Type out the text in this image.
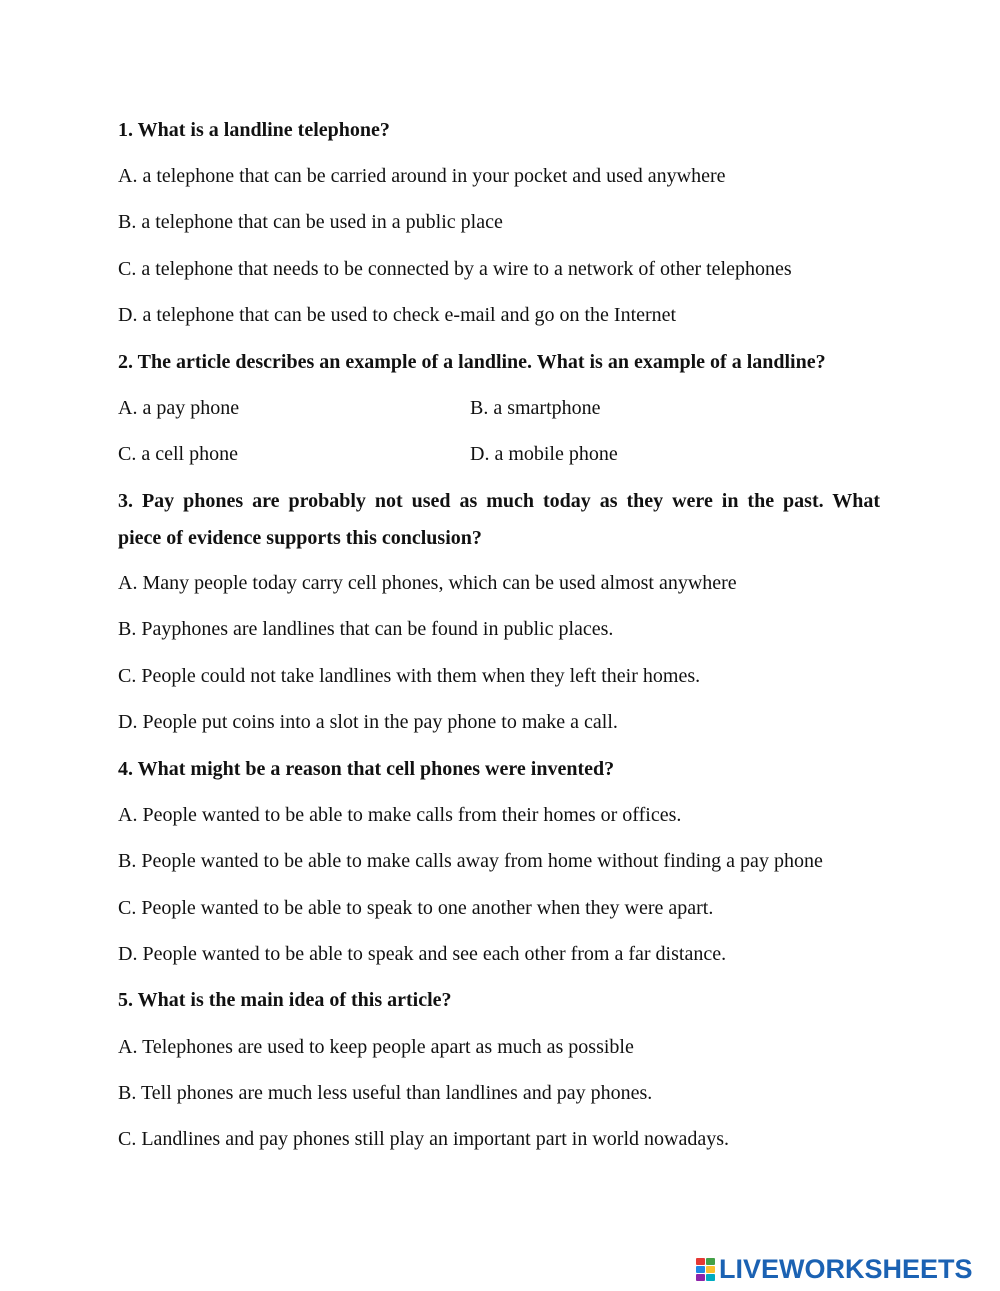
1. What is a landline telephone?
A. a telephone that can be carried around in your pocket and used anywhere
B. a telephone that can be used in a public place
C. a telephone that needs to be connected by a wire to a network of other telephones
D. a telephone that can be used to check e-mail and go on the Internet
2. The article describes an example of a landline. What is an example of a landline?
A. a pay phone	B. a smartphone
C. a cell phone	D. a mobile phone
3. Pay phones are probably not used as much today as they were in the past. What
piece of evidence supports this conclusion?
A. Many people today carry cell phones, which can be used almost anywhere
B. Payphones are landlines that can be found in public places.
C. People could not take landlines with them when they left their homes.
D. People put coins into a slot in the pay phone to make a call.
4. What might be a reason that cell phones were invented?
A. People wanted to be able to make calls from their homes or offices.
B. People wanted to be able to make calls away from home without finding a pay phone
C. People wanted to be able to speak to one another when they were apart.
D. People wanted to be able to speak and see each other from a far distance.
5. What is the main idea of this article?
A. Telephones are used to keep people apart as much as possible
B. Tell phones are much less useful than landlines and pay phones.
C. Landlines and pay phones still play an important part in world nowadays.
LIVEWORKSHEETS
